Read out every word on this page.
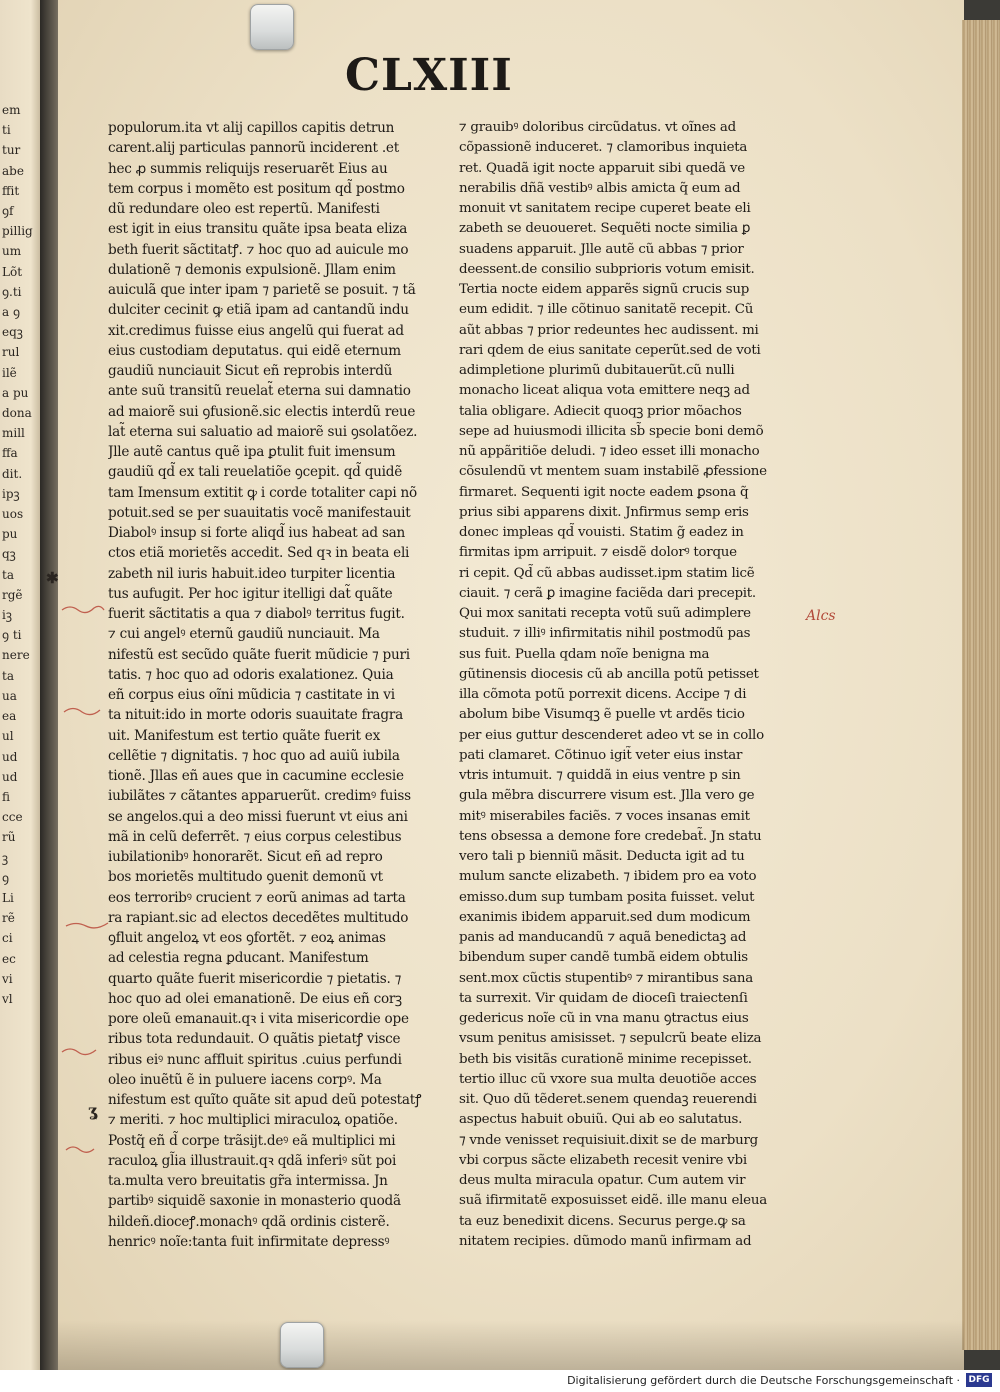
em
ti
tur
abe
ffit
ꝯf
pillig
um
Lõt
ꝯ.ti
a ꝯ
eqꝫ
rul
ilẽ
a pu
dona
mill
ffa
dit.
ipꝫ
uos
pu
qꝫ
ta
rgẽ
iꝫ
ꝯ ti
nere
ta
ua
ea
ul
ud
ud
fi
cce
rũ
ꝫ
ꝯ
Li
rẽ
ci
ec
vi
vl
CLXIII
populorum.ita vt alij capillos capitis detrun
carent.alij particulas pannorũ inciderent .et
hec ꝓ summis reliquijs reseruarẽt Eius au
tem corpus i momẽto est positum qd̃ postmo
dũ redundare oleo est repertũ. Manifesti
est igit in eius transitu quãte ipsa beata eliza
beth fuerit sãctitatꝭ. ⁊ hoc quo ad auicule mo
dulationẽ ⁊ demonis expulsionẽ. Jllam enim
auiculã que inter ipam ⁊ parietẽ se posuit. ⁊ tã
dulciter cecinit ꝙ etiã ipam ad cantandũ indu
xit.credimus fuisse eius angelũ qui fuerat ad
eius custodiam deputatus. qui eidẽ eternum
gaudiũ nunciauit Sicut eñ reprobis interdũ
ante suũ transitũ reuelat̃ eterna sui damnatio
ad maiorẽ sui ꝯfusionẽ.sic electis interdũ reue
lat̃ eterna sui saluatio ad maiorẽ sui ꝯsolatõez.
Jlle autẽ cantus quẽ ipa ꝑtulit fuit imensum
gaudiũ qd̃ ex tali reuelatiõe ꝯcepit. qd̃ quidẽ
tam Imensum extitit ꝙ i corde totaliter capi nõ
potuit.sed se per suauitatis vocẽ manifestauit
Diabolꝰ insup si forte aliqd̃ ius habeat ad san
ctos etiã morietẽs accedit. Sed qꝛ in beata eli
zabeth nil iuris habuit.ideo turpiter licentia
tus aufugit. Per hoc igitur itelligi dat̃ quãte
fuerit sãctitatis a qua ⁊ diabolꝰ territus fugit.
⁊ cui angelꝰ eternũ gaudiũ nunciauit. Ma
nifestũ est secũdo quãte fuerit mũdicie ⁊ puri
tatis. ⁊ hoc quo ad odoris exalationez. Quia
eñ corpus eius oĩni mũdicia ⁊ castitate in vi
ta nituit:ido in morte odoris suauitate fragra
uit. Manifestum est tertio quãte fuerit ex
cellẽtie ⁊ dignitatis. ⁊ hoc quo ad auiũ iubila
tionẽ. Jllas eñ aues que in cacumine ecclesie
iubilãtes ⁊ cãtantes apparuerũt. credimꝰ fuiss
se angelos.qui a deo missi fuerunt vt eius ani
mã in celũ deferrẽt. ⁊ eius corpus celestibus
iubilationibꝰ honorarẽt. Sicut eñ ad repro
bos morietẽs multitudo ꝯuenit demonũ vt
eos terroribꝰ crucient ⁊ eorũ animas ad tarta
ra rapiant.sic ad electos decedẽtes multitudo
ꝯfluit angeloꝝ vt eos ꝯfortẽt. ⁊ eoꝝ animas
ad celestia regna ꝑducant. Manifestum
quarto quãte fuerit misericordie ⁊ pietatis. ⁊
hoc quo ad olei emanationẽ. De eius eñ corꝫ
pore oleũ emanauit.qꝛ i vita misericordie ope
ribus tota redundauit. O quãtis pietatꝭ visce
ribus eiꝰ nunc affluit spiritus .cuius perfundi
oleo inuẽtũ ẽ in puluere iacens corpꝰ. Ma
nifestum est quĩto quãte sit apud deũ potestatꝭ
⁊ meriti. ⁊ hoc multiplici miraculoꝝ opatiõe.
Postq̃ eñ d̃ corpe trãsijt.deꝰ eã multiplici mi
raculoꝝ gl̃ia illustrauit.qꝛ qdã inferiꝰ sũt poi
ta.multa vero breuitatis gr̃a intermissa. Jn
partibꝰ siquidẽ saxonie in monasterio quodã
hildeñ.dioceꝭ.monachꝰ qdã ordinis cisterẽ.
henricꝰ noĩe:tanta fuit infirmitate depressꝰ
⁊ grauibꝰ doloribus circũdatus. vt oĩnes ad
cõpassionẽ induceret. ⁊ clamoribus inquieta
ret. Quadã igit nocte apparuit sibi quedã ve
nerabilis dñã vestibꝰ albis amicta q̃ eum ad
monuit vt sanitatem recipe cuperet beate eli
zabeth se deuoueret. Sequẽti nocte similia ꝑ
suadens apparuit. Jlle autẽ cũ abbas ⁊ prior
deessent.de consilio subprioris votum emisit.
Tertia nocte eidem apparẽs signũ crucis sup
eum edidit. ⁊ ille cõtinuo sanitatẽ recepit. Cũ
aũt abbas ⁊ prior redeuntes hec audissent. mi
rari qdem de eius sanitate ceperũt.sed de voti
adimpletione plurimũ dubitauerũt.cũ nulli
monacho liceat aliqua vota emittere neqꝫ ad
talia obligare. Adiecit quoqꝫ prior mõachos
sepe ad huiusmodi illicita sb̃ specie boni demõ
nũ appãritiõe deludi. ⁊ ideo esset illi monacho
cõsulendũ vt mentem suam instabilẽ ꝓfessione
firmaret. Sequenti igit nocte eadem ꝑsona q̃
prius sibi apparens dixit. Jnfirmus semp eris
donec impleas qd̃ vouisti. Statim g̃ eadez in
firmitas ipm arripuit. ⁊ eisdẽ dolorꝰ torque
ri cepit. Qd̃ cũ abbas audisset.ipm statim licẽ
ciauit. ⁊ cerã ꝑ imagine faciẽda dari precepit.
Qui mox sanitati recepta votũ suũ adimplere
studuit. ⁊ illiꝰ infirmitatis nihil postmodũ pas
sus fuit. Puella qdam noĩe benigna ma
gũtinensis diocesis cũ ab ancilla potũ petisset
illa cõmota potũ porrexit dicens. Accipe ⁊ di
abolum bibe Visumqꝫ ẽ puelle vt ardẽs ticio
per eius guttur descenderet adeo vt se in collo
pati clamaret. Cõtinuo igit̃ veter eius instar
vtris intumuit. ⁊ quiddã in eius ventre p sin
gula mẽbra discurrere visum est. Jlla vero ge
mitꝰ miserabiles faciẽs. ⁊ voces insanas emit
tens obsessa a demone fore credebat̃. Jn statu
vero tali p bienniũ mãsit. Deducta igit ad tu
mulum sancte elizabeth. ⁊ ibidem pro ea voto
emisso.dum sup tumbam posita fuisset. velut
exanimis ibidem apparuit.sed dum modicum
panis ad manducandũ ⁊ aquã benedictaꝫ ad
bibendum super candẽ tumbã eidem obtulis
sent.mox cũctis stupentibꝰ ⁊ mirantibus sana
ta surrexit. Vir quidam de dioceſi traiectenſi
gedericus noĩe cũ in vna manu ꝯtractus eius
vsum penitus amisisset. ⁊ sepulcrũ beate eliza
beth bis visitãs curationẽ minime recepisset.
tertio illuc cũ vxore sua multa deuotiõe acces
sit. Quo dũ tẽderet.senem quendaꝫ reuerendi
aspectus habuit obuiũ. Qui ab eo salutatus.
⁊ vnde venisset requisiuit.dixit se de marburg
vbi corpus sãcte elizabeth recesit venire vbi
deus multa miracula opatur. Cum autem vir
suã ifirmitatẽ exposuisset eidẽ. ille manu eleua
ta euz benedixit dicens. Securus perge.ꝙ sa
nitatem recipies. dũmodo manũ infirmam ad
Alcs
✱
ʓ
Digitalisierung gefördert durch die Deutsche Forschungsgemeinschaft · DFG
